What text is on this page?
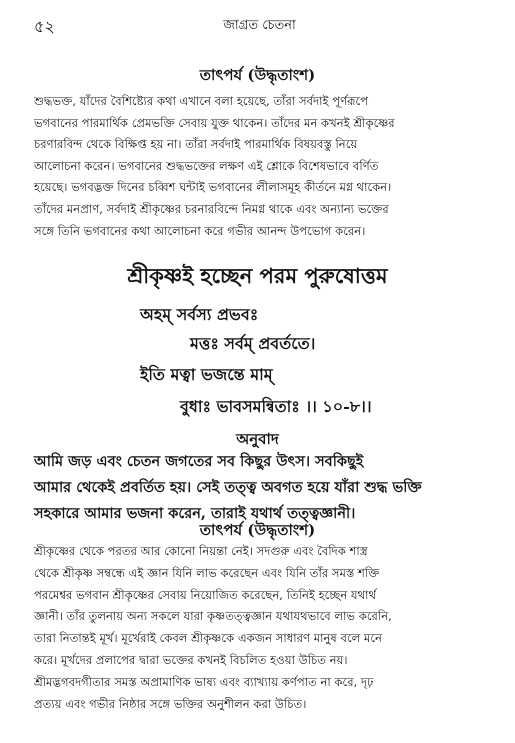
৫২	জাগ্রত চেতনা
তাৎপর্য (উদ্ধৃতাংশ)
শুদ্ধভক্ত, যাঁদের বৈশিষ্ট্যের কথা এখানে বলা হয়েছে, তাঁরা সর্বদাই পূর্ণরূপে
ভগবানের পারমার্থিক প্রেমভক্তি সেবায় যুক্ত থাকেন। তাঁদের মন কখনই শ্রীকৃষ্ণের
চরণারবিন্দ থেকে বিক্ষিপ্ত হয় না। তাঁরা সর্বদাই পারমার্থিক বিষয়বস্তু নিয়ে
আলোচনা করেন। ভগবানের শুদ্ধভক্তের লক্ষণ এই শ্লোকে বিশেষভাবে বর্ণিত
হয়েছে। ভগবদ্ভক্ত দিনের চব্বিশ ঘন্টাই ভগবানের লীলাসমূহ কীর্তনে মগ্ন থাকেন।
তাঁদের মনপ্রাণ, সর্বদাই শ্রীকৃষ্ণের চরনারবিন্দে নিমগ্ন থাকে এবং অন্যান্য ভক্তের
সঙ্গে তিনি ভগবানের কথা আলোচনা করে গভীর আনন্দ উপভোগ করেন।
শ্রীকৃষ্ণই হচ্ছেন পরম পুরুষোত্তম
অহম্ সর্বস্য প্রভবঃ
মত্তঃ সর্বম্ প্রবর্ততে।
ইতি মত্বা ভজন্তে মাম্
বুধাঃ ভাবসমন্বিতাঃ ।। ১০-৮।।
অনুবাদ
আমি জড় এবং চেতন জগতের সব কিছুর উৎস। সবকিছুই
আমার থেকেই প্রবর্তিত হয়। সেই তত্ত্ব অবগত হয়ে যাঁরা শুদ্ধ ভক্তি
সহকারে আমার ভজনা করেন, তারাই যথার্থ তত্ত্বজ্ঞানী।
তাৎপর্য (উদ্ধৃতাংশ)
শ্রীকৃষ্ণের থেকে পরতর আর কোনো নিয়ন্তা নেই। সদগুরু এবং বৈদিক শাস্ত্র
থেকে শ্রীকৃষ্ণ সম্বন্ধে এই জ্ঞান যিনি লাভ করেছেন এবং যিনি তাঁর সমস্ত শক্তি
পরমেশ্বর ভগবান শ্রীকৃষ্ণের সেবায় নিয়োজিত করেছেন, তিনিই হচ্ছেন যথার্থ
জ্ঞানী। তাঁর তুলনায় অন্য সকলে যারা কৃষ্ণতত্ত্বজ্ঞান যথাযথভাবে লাভ করেনি,
তারা নিতান্তই মূর্খ। মূর্খেরাই কেবল শ্রীকৃষ্ণকে একজন সাধারণ মানুষ বলে মনে
করে। মূর্খদের প্রলাপের দ্বারা ভক্তের কখনই বিচলিত হওয়া উচিত নয়।
শ্রীমদ্ভগবদগীতার সমস্ত অপ্রামাণিক ভাষ্য এবং ব্যাখ্যায় কর্ণপাত না করে, দৃঢ়
প্রত্যয় এবং গভীর নিষ্ঠার সঙ্গে ভক্তির অনুশীলন করা উচিত।
